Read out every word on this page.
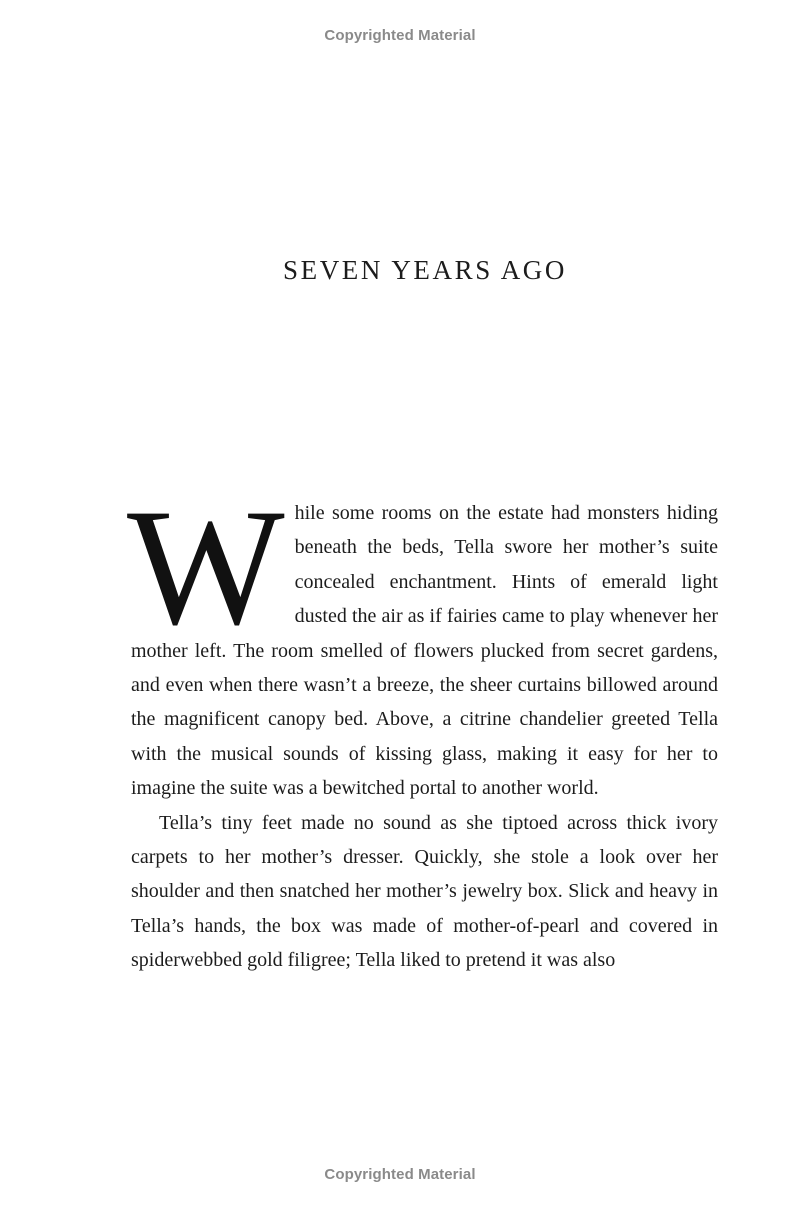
Copyrighted Material
SEVEN YEARS AGO

While some rooms on the estate had monsters hiding beneath the beds, Tella swore her mother’s suite concealed enchantment. Hints of emerald light dusted the air as if fairies came to play whenever her mother left. The room smelled of flowers plucked from secret gardens, and even when there wasn’t a breeze, the sheer curtains billowed around the magnificent canopy bed. Above, a citrine chandelier greeted Tella with the musical sounds of kissing glass, making it easy for her to imagine the suite was a bewitched portal to another world.

Tella’s tiny feet made no sound as she tiptoed across thick ivory carpets to her mother’s dresser. Quickly, she stole a look over her shoulder and then snatched her mother’s jewelry box. Slick and heavy in Tella’s hands, the box was made of mother-of-pearl and covered in spiderwebbed gold filigree; Tella liked to pretend it was also

Copyrighted Material
